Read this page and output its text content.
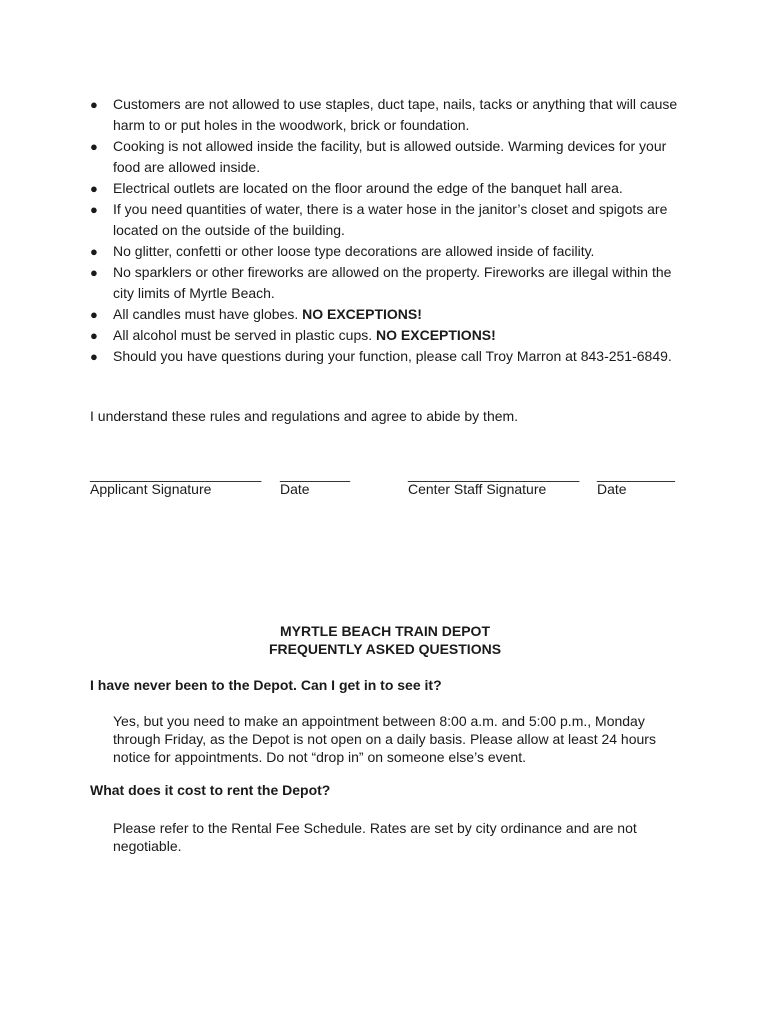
● Customers are not allowed to use staples, duct tape, nails, tacks or anything that will cause harm to or put holes in the woodwork, brick or foundation.
● Cooking is not allowed inside the facility, but is allowed outside. Warming devices for your food are allowed inside.
● Electrical outlets are located on the floor around the edge of the banquet hall area.
● If you need quantities of water, there is a water hose in the janitor’s closet and spigots are located on the outside of the building.
● No glitter, confetti or other loose type decorations are allowed inside of facility.
● No sparklers or other fireworks are allowed on the property. Fireworks are illegal within the city limits of Myrtle Beach.
● All candles must have globes. NO EXCEPTIONS!
● All alcohol must be served in plastic cups. NO EXCEPTIONS!
● Should you have questions during your function, please call Troy Marron at 843-251-6849.
I understand these rules and regulations and agree to abide by them.
______________________ _________	______________________ __________
Applicant Signature	Date	Center Staff Signature	Date
MYRTLE BEACH TRAIN DEPOT
FREQUENTLY ASKED QUESTIONS
I have never been to the Depot. Can I get in to see it?
Yes, but you need to make an appointment between 8:00 a.m. and 5:00 p.m., Monday through Friday, as the Depot is not open on a daily basis. Please allow at least 24 hours notice for appointments. Do not “drop in” on someone else’s event.
What does it cost to rent the Depot?
Please refer to the Rental Fee Schedule. Rates are set by city ordinance and are not negotiable.
